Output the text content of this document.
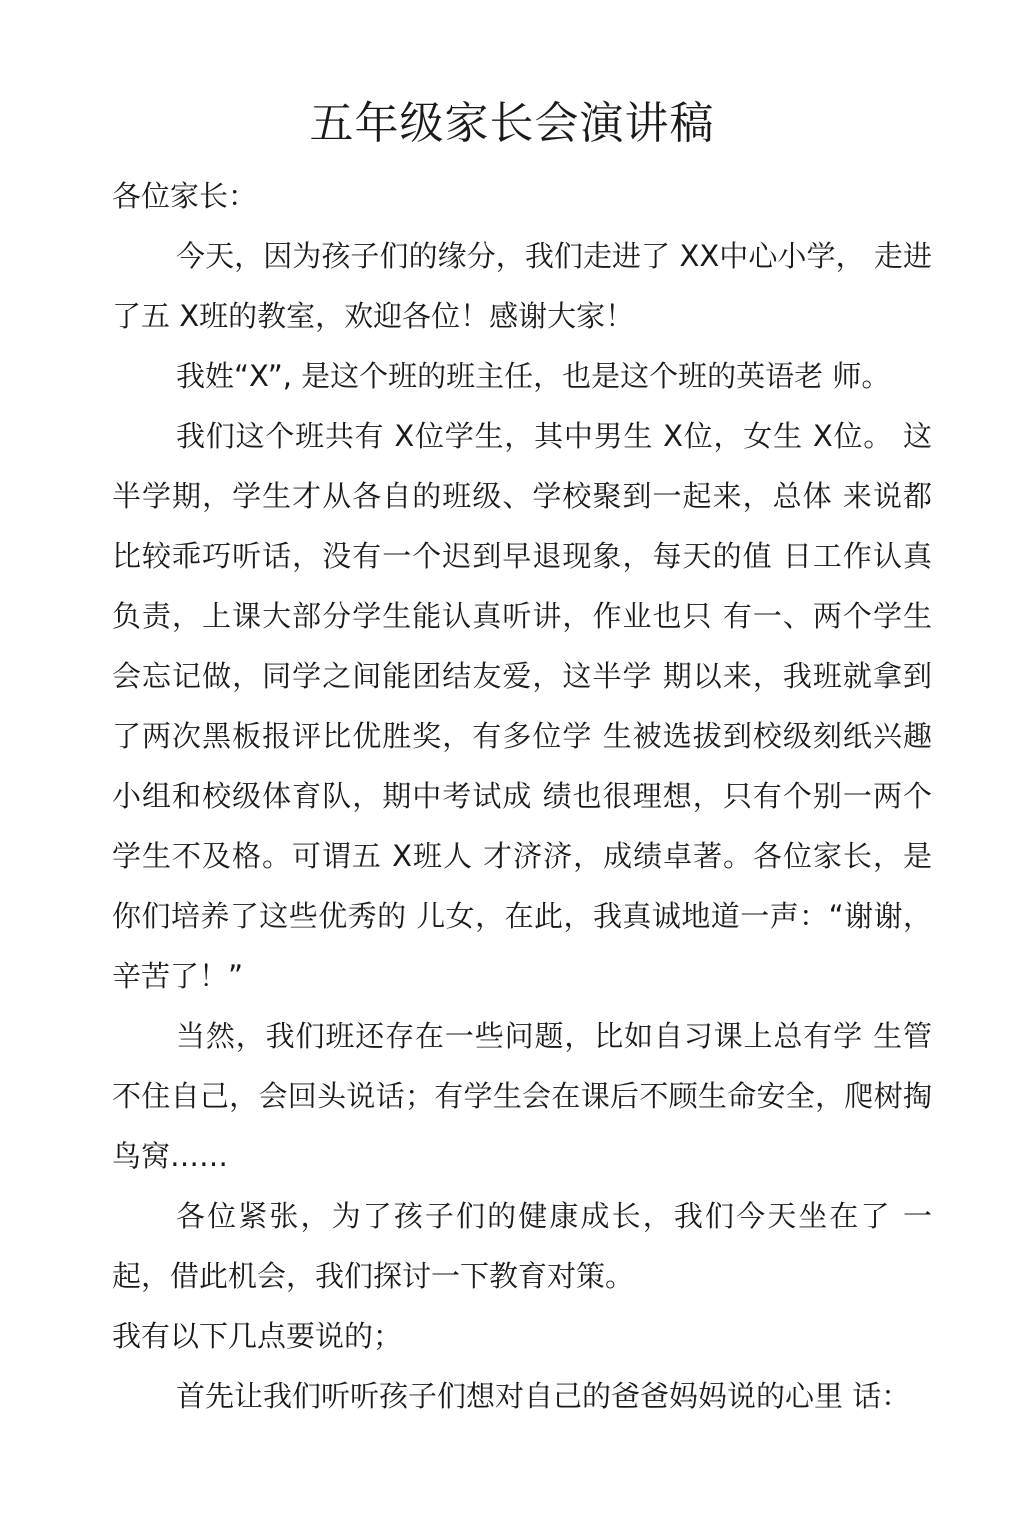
五年级家长会演讲稿

各位家长：

今天，因为孩子们的缘分，我们走进了 XX中心小学， 走进了五 X班的教室，欢迎各位！感谢大家！

我姓“X”, 是这个班的班主任，也是这个班的英语老 师。

我们这个班共有 X位学生，其中男生 X位，女生 X位。 这半学期，学生才从各自的班级、学校聚到一起来，总体 来说都比较乖巧听话，没有一个迟到早退现象，每天的值 日工作认真负责，上课大部分学生能认真听讲，作业也只 有一、两个学生会忘记做，同学之间能团结友爱，这半学 期以来，我班就拿到了两次黑板报评比优胜奖，有多位学 生被选拔到校级刻纸兴趣小组和校级体育队，期中考试成 绩也很理想，只有个别一两个学生不及格。可谓五 X班人 才济济，成绩卓著。各位家长，是你们培养了这些优秀的 儿女，在此，我真诚地道一声：“谢谢，辛苦了！”

当然，我们班还存在一些问题，比如自习课上总有学 生管不住自己，会回头说话；有学生会在课后不顾生命安全，爬树掏鸟窝……

各位紧张，为了孩子们的健康成长，我们今天坐在了 一起，借此机会，我们探讨一下教育对策。

我有以下几点要说的；

首先让我们听听孩子们想对自己的爸爸妈妈说的心里 话：
